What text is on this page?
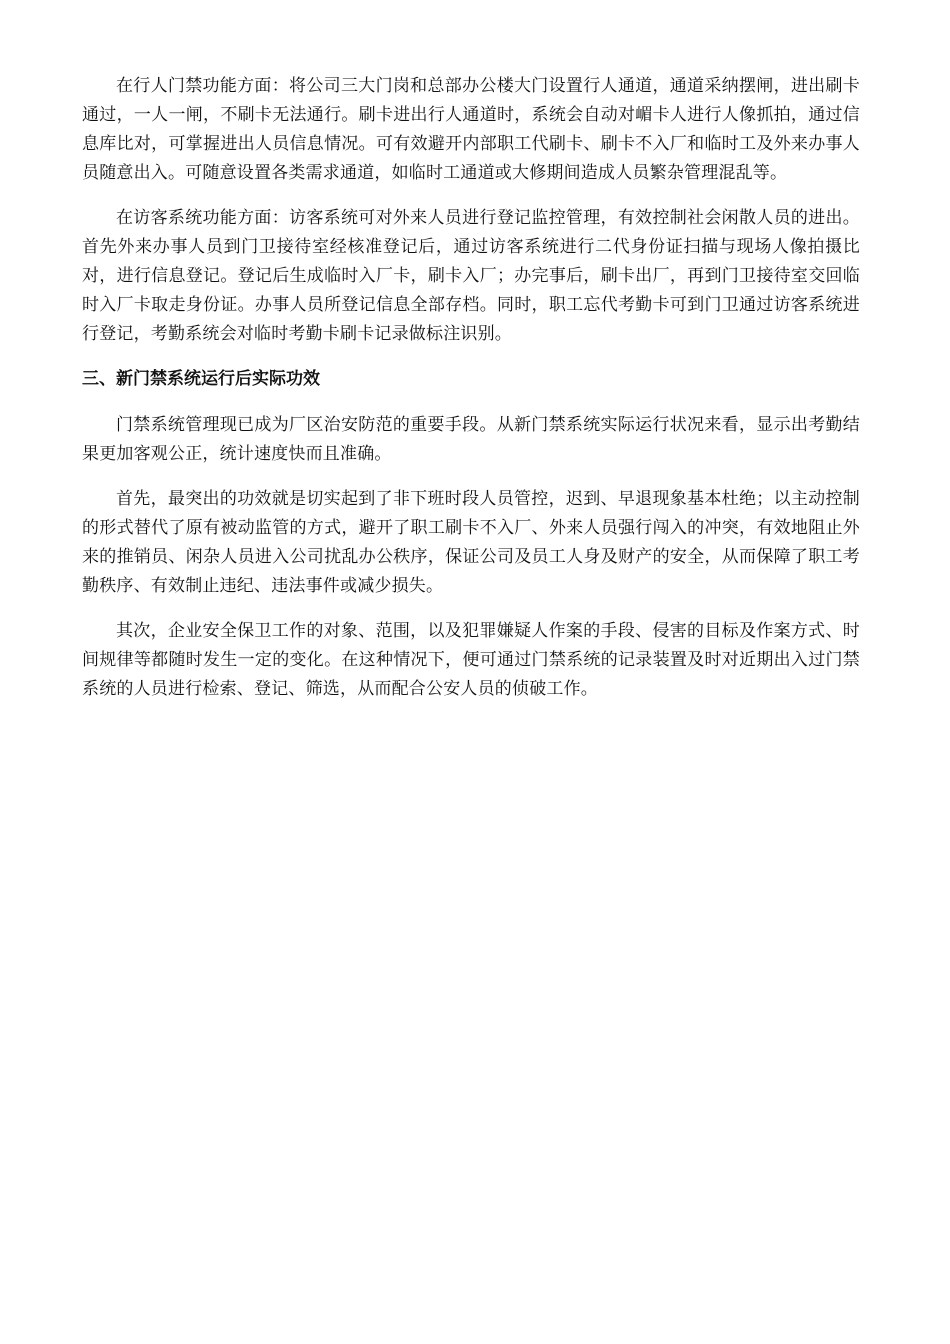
在行人门禁功能方面：将公司三大门岗和总部办公楼大门设置行人通道，通道采纳摆闸，进出刷卡通过，一人一闸，不刷卡无法通行。刷卡进出行人通道时，系统会自动对嵋卡人进行人像抓拍，通过信息库比对，可掌握进出人员信息情况。可有效避开内部职工代刷卡、刷卡不入厂和临时工及外来办事人员随意出入。可随意设置各类需求通道，如临时工通道或大修期间造成人员繁杂管理混乱等。

在访客系统功能方面：访客系统可对外来人员进行登记监控管理，有效控制社会闲散人员的进出。首先外来办事人员到门卫接待室经核准登记后，通过访客系统进行二代身份证扫描与现场人像拍摄比对，进行信息登记。登记后生成临时入厂卡，刷卡入厂；办完事后，刷卡出厂，再到门卫接待室交回临时入厂卡取走身份证。办事人员所登记信息全部存档。同时，职工忘代考勤卡可到门卫通过访客系统进行登记，考勤系统会对临时考勤卡刷卡记录做标注识别。

三、新门禁系统运行后实际功效

门禁系统管理现已成为厂区治安防范的重要手段。从新门禁系统实际运行状况来看，显示出考勤结果更加客观公正，统计速度快而且准确。

首先，最突出的功效就是切实起到了非下班时段人员管控，迟到、早退现象基本杜绝；以主动控制的形式替代了原有被动监管的方式，避开了职工刷卡不入厂、外来人员强行闯入的冲突，有效地阻止外来的推销员、闲杂人员进入公司扰乱办公秩序，保证公司及员工人身及财产的安全，从而保障了职工考勤秩序、有效制止违纪、违法事件或减少损失。

其次，企业安全保卫工作的对象、范围，以及犯罪嫌疑人作案的手段、侵害的目标及作案方式、时间规律等都随时发生一定的变化。在这种情况下，便可通过门禁系统的记录装置及时对近期出入过门禁系统的人员进行检索、登记、筛选，从而配合公安人员的侦破工作。
